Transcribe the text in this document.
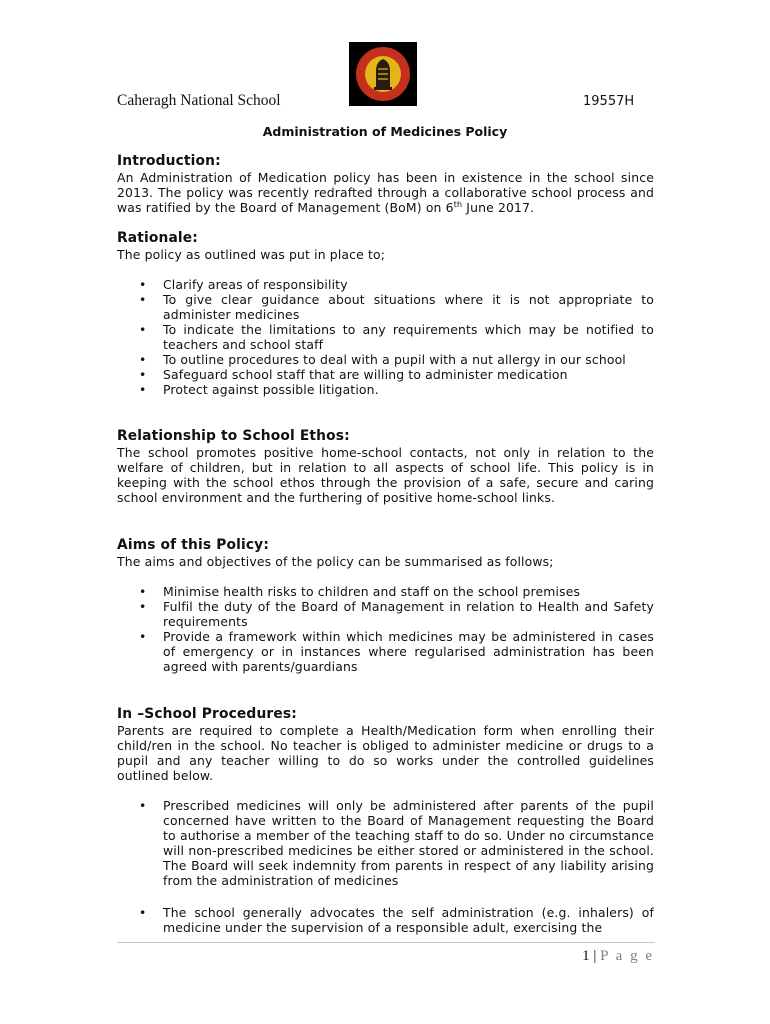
Caheragh National School	19557H
Administration of Medicines Policy
Introduction:

An Administration of Medication policy has been in existence in the school since 2013. The policy was recently redrafted through a collaborative school process and was ratified by the Board of Management (BoM) on 6th June 2017.

Rationale:

The policy as outlined was put in place to;

• Clarify areas of responsibility
• To give clear guidance about situations where it is not appropriate to administer medicines
• To indicate the limitations to any requirements which may be notified to teachers and school staff
• To outline procedures to deal with a pupil with a nut allergy in our school
• Safeguard school staff that are willing to administer medication
• Protect against possible litigation.
Relationship to School Ethos:

The school promotes positive home-school contacts, not only in relation to the welfare of children, but in relation to all aspects of school life. This policy is in keeping with the school ethos through the provision of a safe, secure and caring school environment and the furthering of positive home-school links.

Aims of this Policy:

The aims and objectives of the policy can be summarised as follows;

• Minimise health risks to children and staff on the school premises
• Fulfil the duty of the Board of Management in relation to Health and Safety requirements
• Provide a framework within which medicines may be administered in cases of emergency or in instances where regularised administration has been agreed with parents/guardians
In –School Procedures:

Parents are required to complete a Health/Medication form when enrolling their child/ren in the school. No teacher is obliged to administer medicine or drugs to a pupil and any teacher willing to do so works under the controlled guidelines outlined below.

• Prescribed medicines will only be administered after parents of the pupil concerned have written to the Board of Management requesting the Board to authorise a member of the teaching staff to do so. Under no circumstance will non-prescribed medicines be either stored or administered in the school. The Board will seek indemnity from parents in respect of any liability arising from the administration of medicines
• The school generally advocates the self administration (e.g. inhalers) of medicine under the supervision of a responsible adult, exercising the
1 | P a g e
